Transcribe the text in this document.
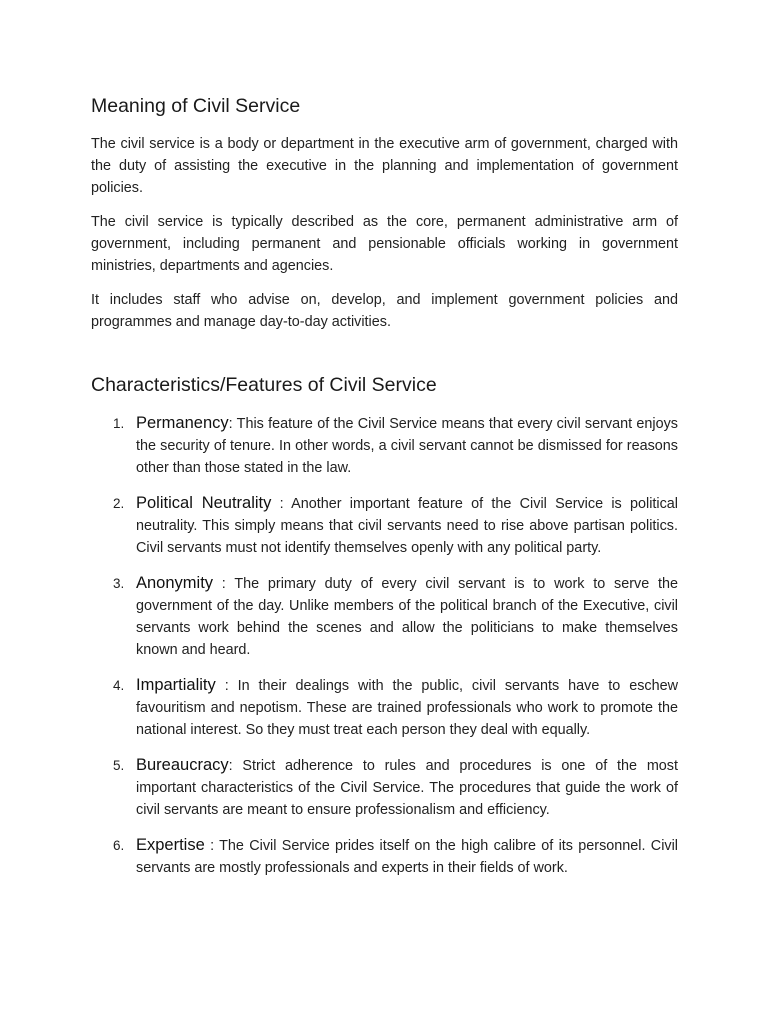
Meaning of Civil Service

The civil service is a body or department in the executive arm of government, charged with the duty of assisting the executive in the planning and implementation of government policies.

The civil service is typically described as the core, permanent administrative arm of government, including permanent and pensionable officials working in government ministries, departments and agencies.

It includes staff who advise on, develop, and implement government policies and programmes and manage day-to-day activities.

Characteristics/Features of Civil Service
1. Permanency: This feature of the Civil Service means that every civil servant enjoys the security of tenure. In other words, a civil servant cannot be dismissed for reasons other than those stated in the law.
2. Political Neutrality : Another important feature of the Civil Service is political neutrality. This simply means that civil servants need to rise above partisan politics. Civil servants must not identify themselves openly with any political party.
3. Anonymity : The primary duty of every civil servant is to work to serve the government of the day. Unlike members of the political branch of the Executive, civil servants work behind the scenes and allow the politicians to make themselves known and heard.
4. Impartiality : In their dealings with the public, civil servants have to eschew favouritism and nepotism. These are trained professionals who work to promote the national interest. So they must treat each person they deal with equally.
5. Bureaucracy: Strict adherence to rules and procedures is one of the most important characteristics of the Civil Service. The procedures that guide the work of civil servants are meant to ensure professionalism and efficiency.
6. Expertise : The Civil Service prides itself on the high calibre of its personnel. Civil servants are mostly professionals and experts in their fields of work.
